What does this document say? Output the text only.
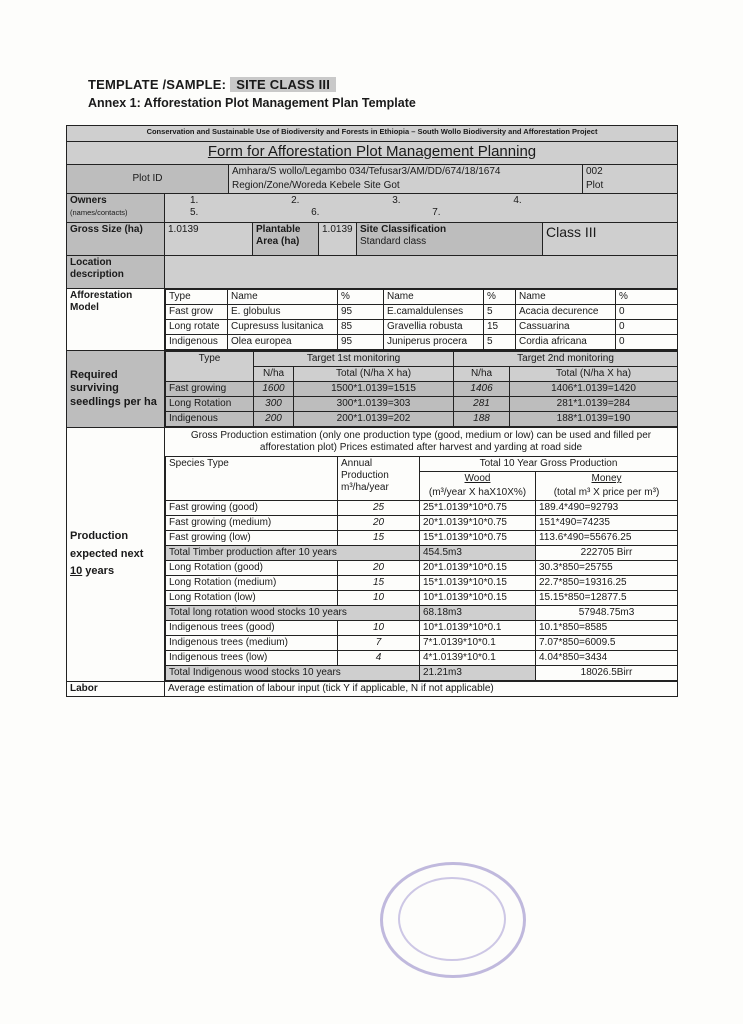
TEMPLATE /SAMPLE: SITE CLASS III
Annex 1: Afforestation Plot Management Plan Template
Conservation and Sustainable Use of Biodiversity and Forests in Ethiopia – South Wollo Biodiversity and Afforestation Project
Form for Afforestation Plot Management Planning
Plot ID	Amhara/S wollo/Legambo 034/Tefusar3/AM/DD/674/18/1674	002
Region/Zone/Woreda Kebele Site Got	Plot
Owners
(names/contacts)	1.	2.	3.	4.
5.	6.	7.
Gross Size (ha)	1.0139	Plantable Area (ha)	1.0139	Site Classification
Standard class	Class III
Location description	
Afforestation Model	
Type	Name	%	Name	%	Name	%
Fast grow	E. globulus	95	E.camaldulenses	5	Acacia decurence	0
Long rotate	Cupresuss lusitanica	85	Gravellia robusta	15	Cassuarina	0
Indigenous	Olea europea	95	Juniperus procera	5	Cordia africana	0

Required surviving seedlings per ha	
Type	Target 1st monitoring	Target 2nd monitoring
N/ha	Total (N/ha X ha)	N/ha	Total (N/ha X ha)
Fast growing	1600	1500*1.0139=1515	1406	1406*1.0139=1420
Long Rotation	300	300*1.0139=303	281	281*1.0139=284
Indigenous	200	200*1.0139=202	188	188*1.0139=190

Production
expected next
10 years	
Gross Production estimation (only one production type (good, medium or low) can be used and filled per afforestation plot) Prices estimated after harvest and yarding at road side
Species Type	Annual Production m³/ha/year	Total 10 Year Gross Production
Wood	Money
(m³/year X haX10X%)	(total m³ X price per m³)
Fast growing (good)	25	25*1.0139*10*0.75	189.4*490=92793
Fast growing (medium)	20	20*1.0139*10*0.75	151*490=74235
Fast growing (low)	15	15*1.0139*10*0.75	113.6*490=55676.25
Total Timber production after 10 years	454.5m3	222705 Birr
Long Rotation (good)	20	20*1.0139*10*0.15	30.3*850=25755
Long Rotation (medium)	15	15*1.0139*10*0.15	22.7*850=19316.25
Long Rotation (low)	10	10*1.0139*10*0.15	15.15*850=12877.5
Total long rotation wood stocks 10 years	68.18m3	57948.75m3
Indigenous trees (good)	10	10*1.0139*10*0.1	10.1*850=8585
Indigenous trees (medium)	7	7*1.0139*10*0.1	7.07*850=6009.5
Indigenous trees (low)	4	4*1.0139*10*0.1	4.04*850=3434
Total Indigenous wood stocks 10 years	21.21m3	18026.5Birr

Labor	Average estimation of labour input (tick Y if applicable, N if not applicable)
